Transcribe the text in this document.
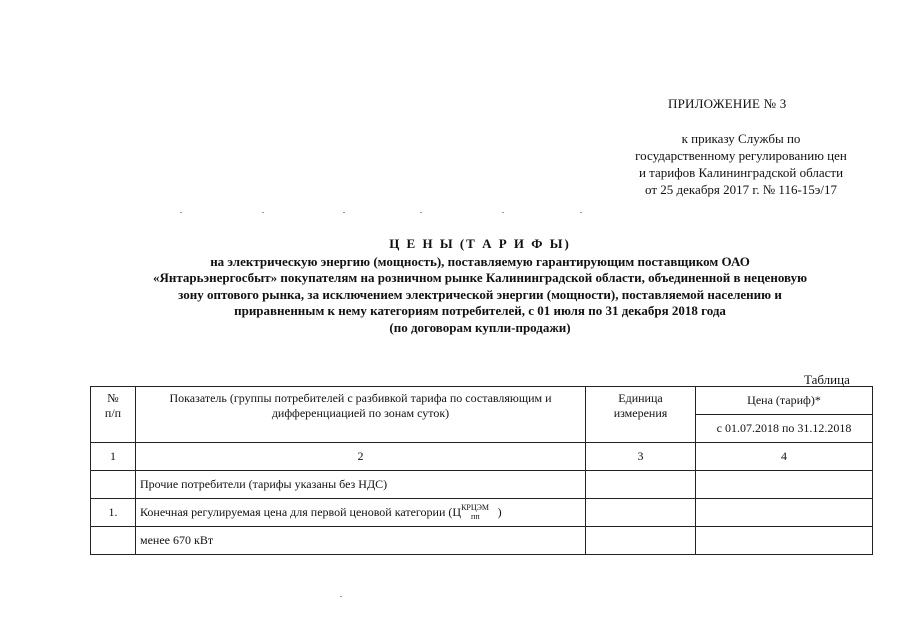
ПРИЛОЖЕНИЕ № 3
к приказу Службы по
государственному регулированию цен
и тарифов Калининградской области
от 25 декабря 2017 г. № 116-15э/17
Ц Е Н Ы (Т А Р И Ф Ы)
на электрическую энергию (мощность), поставляемую гарантирующим поставщиком ОАО
«Янтарьэнергосбыт» покупателям на розничном рынке Калининградской области, объединенной в неценовую
зону оптового рынка, за исключением электрической энергии (мощности), поставляемой населению и
приравненным к нему категориям потребителей, с 01 июля по 31 декабря 2018 года
(по договорам купли-продажи)
Таблица
№ п/п	Показатель (группы потребителей с разбивкой тарифа по составляющим и дифференциацией по зонам суток)	Единица измерения	Цена (тариф)*
			с 01.07.2018 по 31.12.2018
1	2	3	4
	Прочие потребители (тарифы указаны без НДС)		
1.	Конечная регулируемая цена для первой ценовой категории (ЦКРЦЭМпп )		
	менее 670 кВт		
